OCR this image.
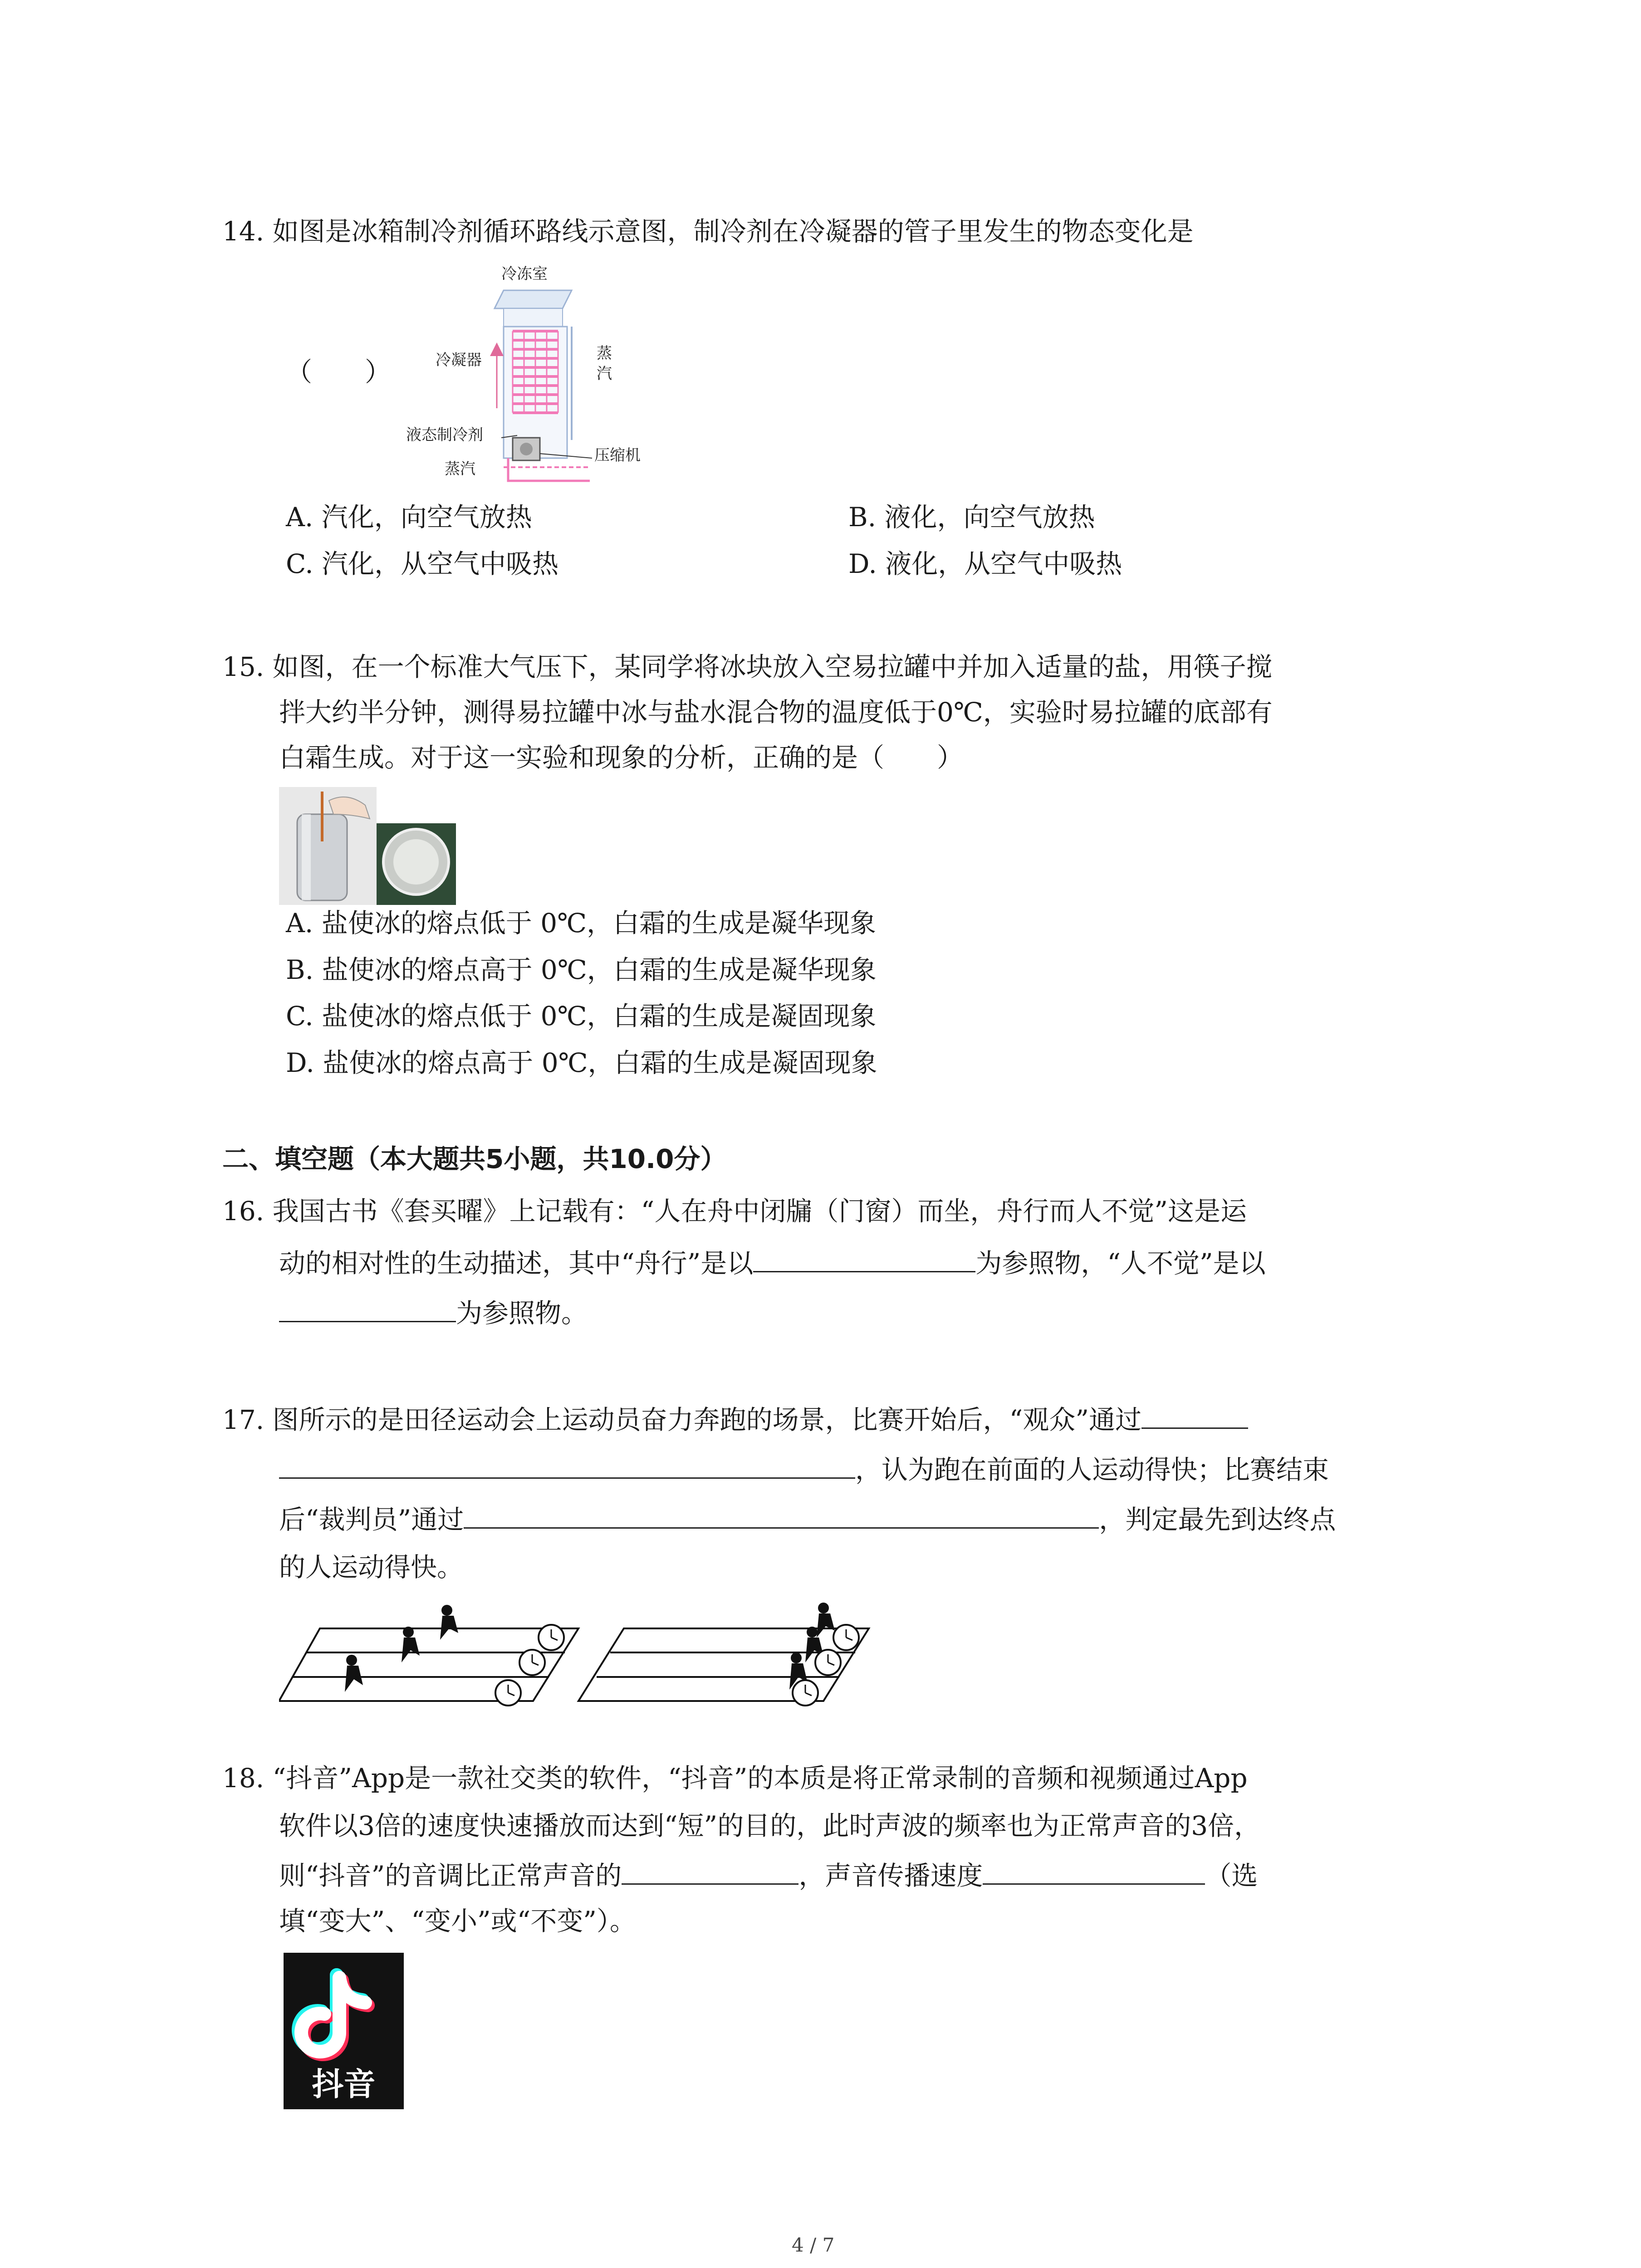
14. 如图是冰箱制冷剂循环路线示意图，制冷剂在冷凝器的管子里发生的物态变化是
（　　）
冷冻室
冷凝器	蒸
汽
液态制冷剂
压缩机
蒸汽
A. 汽化，向空气放热	B. 液化，向空气放热
C. 汽化，从空气中吸热	D. 液化，从空气中吸热
15. 如图，在一个标准大气压下，某同学将冰块放入空易拉罐中并加入适量的盐，用筷子搅
拌大约半分钟，测得易拉罐中冰与盐水混合物的温度低于0℃，实验时易拉罐的底部有
白霜生成。对于这一实验和现象的分析，正确的是（　　）
A. 盐使冰的熔点低于 0℃，白霜的生成是凝华现象
B. 盐使冰的熔点高于 0℃，白霜的生成是凝华现象
C. 盐使冰的熔点低于 0℃，白霜的生成是凝固现象
D. 盐使冰的熔点高于 0℃，白霜的生成是凝固现象
二、填空题（本大题共5小题，共10.0分）
16. 我国古书《套买曜》上记载有：“人在舟中闭牖（门窗）而坐，舟行而人不觉”这是运
动的相对性的生动描述，其中“舟行”是以	为参照物，“人不觉”是以
为参照物。
17. 图所示的是田径运动会上运动员奋力奔跑的场景，比赛开始后，“观众”通过
，认为跑在前面的人运动得快；比赛结束
后“裁判员”通过	，判定最先到达终点
的人运动得快。
18. “抖音”App是一款社交类的软件，“抖音”的本质是将正常录制的音频和视频通过App
软件以3倍的速度快速播放而达到“短”的目的，此时声波的频率也为正常声音的3倍，
则“抖音”的音调比正常声音的	，声音传播速度	（选
填“变大”、“变小”或“不变”）。
抖音
4 / 7
